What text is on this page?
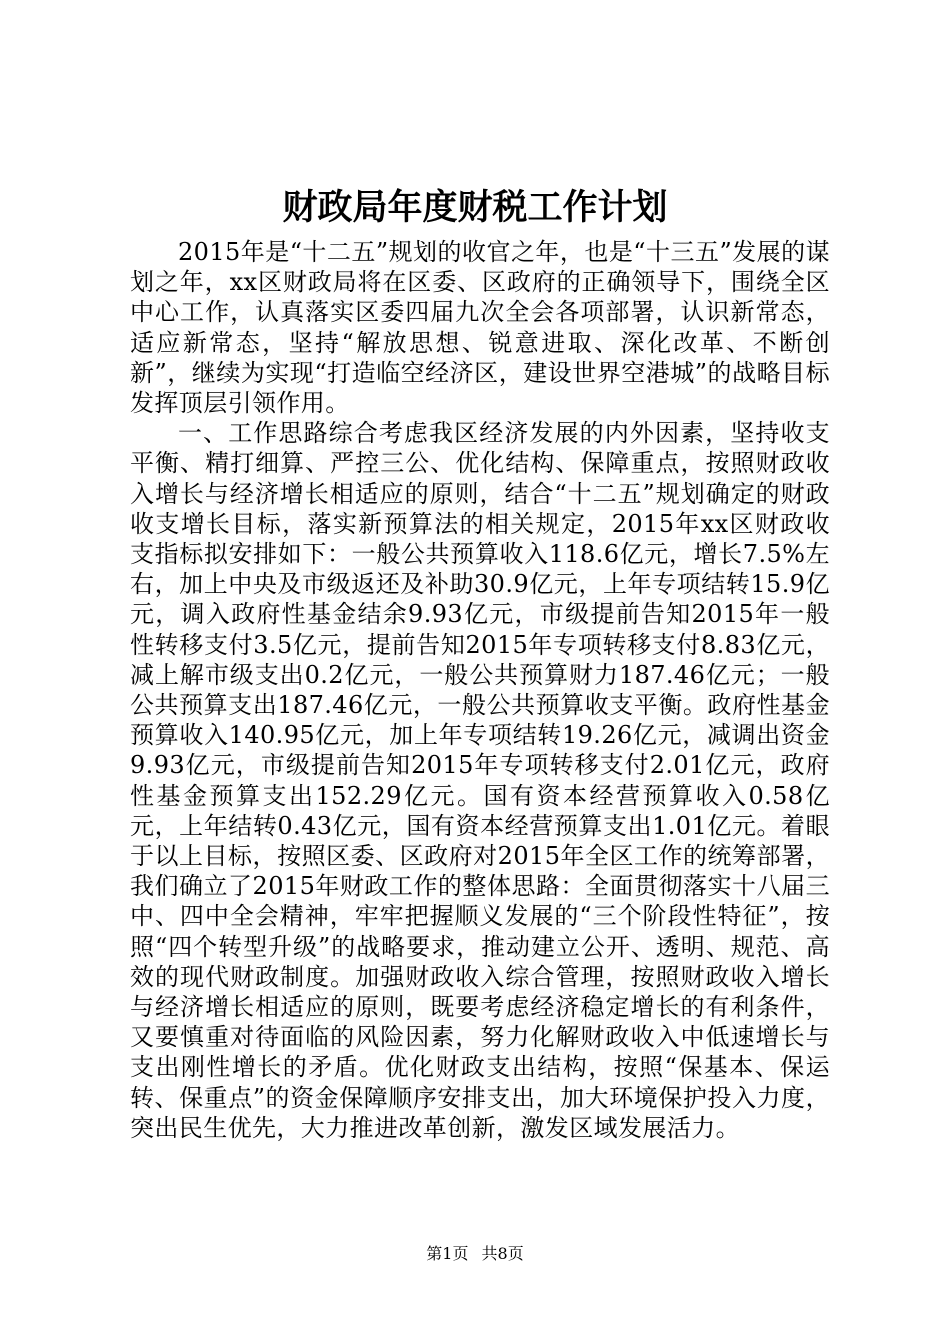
财政局年度财税工作计划

2015年是“十二五”规划的收官之年，也是“十三五”发展的谋划之年，xx区财政局将在区委、区政府的正确领导下，围绕全区中心工作，认真落实区委四届九次全会各项部署，认识新常态，适应新常态，坚持“解放思想、锐意进取、深化改革、不断创新”，继续为实现“打造临空经济区，建设世界空港城”的战略目标发挥顶层引领作用。

一、工作思路综合考虑我区经济发展的内外因素，坚持收支平衡、精打细算、严控三公、优化结构、保障重点，按照财政收入增长与经济增长相适应的原则，结合“十二五”规划确定的财政收支增长目标，落实新预算法的相关规定，2015年xx区财政收支指标拟安排如下：一般公共预算收入118.6亿元，增长7.5%左右，加上中央及市级返还及补助30.9亿元，上年专项结转15.9亿元，调入政府性基金结余9.93亿元，市级提前告知2015年一般性转移支付3.5亿元，提前告知2015年专项转移支付8.83亿元，减上解市级支出0.2亿元，一般公共预算财力187.46亿元；一般公共预算支出187.46亿元，一般公共预算收支平衡。政府性基金预算收入140.95亿元，加上年专项结转19.26亿元，减调出资金9.93亿元，市级提前告知2015年专项转移支付2.01亿元，政府性基金预算支出152.29亿元。国有资本经营预算收入0.58亿元，上年结转0.43亿元，国有资本经营预算支出1.01亿元。着眼于以上目标，按照区委、区政府对2015年全区工作的统筹部署，我们确立了2015年财政工作的整体思路：全面贯彻落实十八届三中、四中全会精神，牢牢把握顺义发展的“三个阶段性特征”，按照“四个转型升级”的战略要求，推动建立公开、透明、规范、高效的现代财政制度。加强财政收入综合管理，按照财政收入增长与经济增长相适应的原则，既要考虑经济稳定增长的有利条件，又要慎重对待面临的风险因素，努力化解财政收入中低速增长与支出刚性增长的矛盾。优化财政支出结构，按照“保基本、保运转、保重点”的资金保障顺序安排支出，加大环境保护投入力度，突出民生优先，大力推进改革创新，激发区域发展活力。

第1页 共8页
